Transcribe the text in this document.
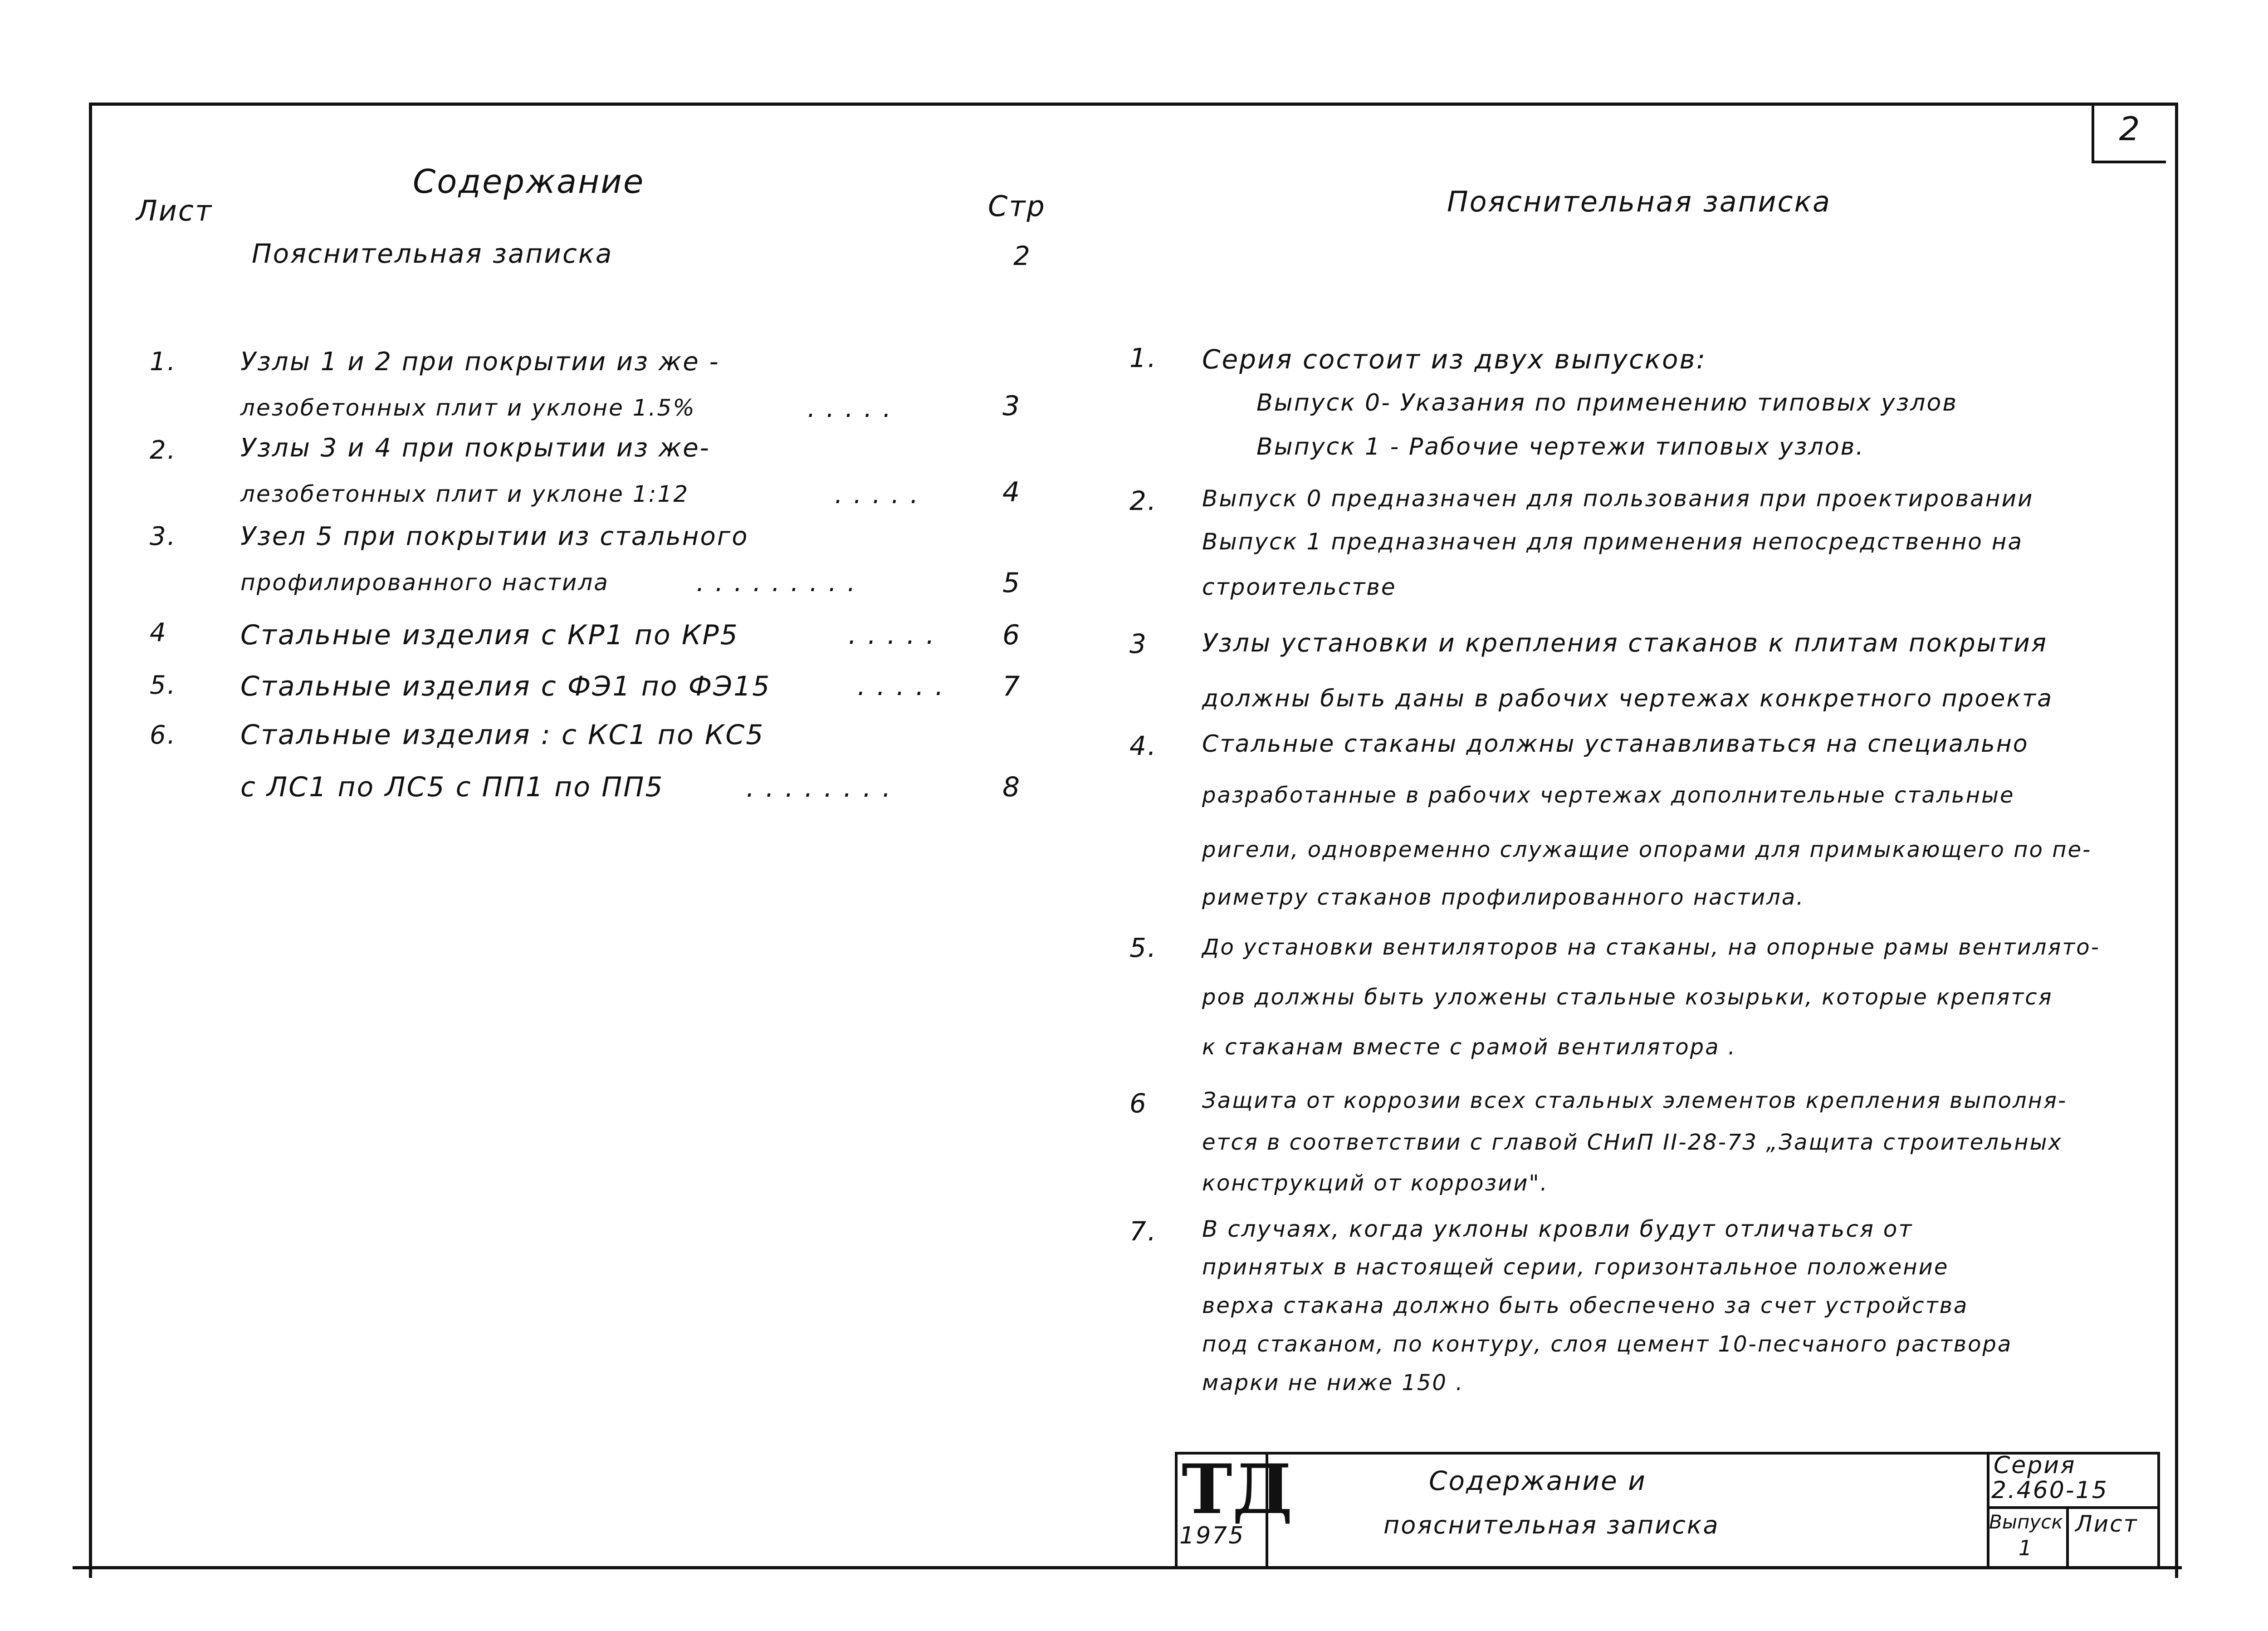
2
Лист
Содержание
Стр
Пояснительная записка	2
1.	Узлы 1 и 2 при покрытии из же -
лезобетонных плит и уклоне 1.5%	. . . . .	3
2.	Узлы 3 и 4 при покрытии из же-
лезобетонных плит и уклоне 1:12	. . . . .	4
3.	Узел 5 при покрытии из стального
профилированного настила	. . . . . . . . .	5
4	Стальные изделия с КР1 по КР5	. . . . . 6
5. Стальные изделия с ФЭ1 по ФЭ15	. . . . . 7
6. Стальные изделия : с КС1 по КС5
с ЛС1 по ЛС5 с ПП1 по ПП5	. . . . . . . .	8
Пояснительная записка
1. Серия состоит из двух выпусков:
Выпуск 0- Указания по применению типовых узлов
Выпуск 1 - Рабочие чертежи типовых узлов.
2. Выпуск 0 предназначен для пользования при проектировании
Выпуск 1 предназначен для применения непосредственно на
строительстве
3 Узлы установки и крепления стаканов к плитам покрытия
должны быть даны в рабочих чертежах конкретного проекта
4. Стальные стаканы должны устанавливаться на специально
разработанные в рабочих чертежах дополнительные стальные
ригели, одновременно служащие опорами для примыкающего по пе-
риметру стаканов профилированного настила.
5. До установки вентиляторов на стаканы, на опорные рамы вентилято-
ров должны быть уложены стальные козырьки, которые крепятся
к стаканам вместе с рамой вентилятора .
6	Защита от коррозии всех стальных элементов крепления выполня-
ется в соответствии с главой СНиП II-28-73 „Защита строительных
конструкций от коррозии".
7. В случаях, когда уклоны кровли будут отличаться от
принятых в настоящей серии, горизонтальное положение
верха стакана должно быть обеспечено за счет устройства
под стаканом, по контуру, слоя цемент 10-песчаного раствора
марки не ниже 150 .
ТД
1975
Содержание и
пояснительная записка
Серия
2.460-15
Выпуск
1
Лист
